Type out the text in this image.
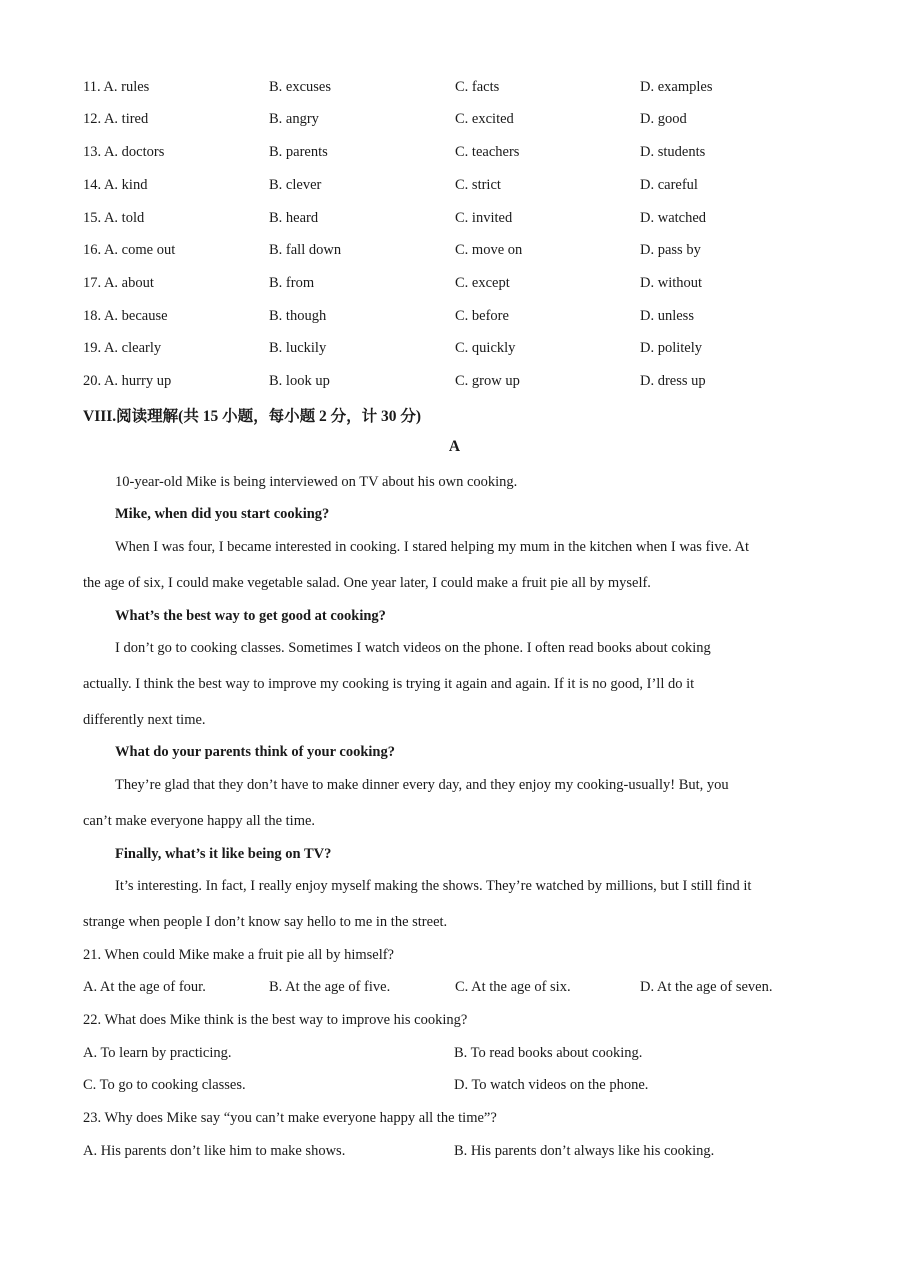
11. A. rules	B. excuses	C. facts	D. examples
12. A. tired	B. angry	C. excited	D. good
13. A. doctors	B. parents	C. teachers	D. students
14. A. kind	B. clever	C. strict	D. careful
15. A. told	B. heard	C. invited	D. watched
16. A. come out	B. fall down	C. move on	D. pass by
17. A. about	B. from	C. except	D. without
18. A. because	B. though	C. before	D. unless
19. A. clearly	B. luckily	C. quickly	D. politely
20. A. hurry up	B. look up	C. grow up	D. dress up
VIII.阅读理解(共 15 小题，每小题 2 分，计 30 分)
A
10-year-old Mike is being interviewed on TV about his own cooking.
Mike, when did you start cooking?
When I was four, I became interested in cooking. I stared helping my mum in the kitchen when I was five. At
the age of six, I could make vegetable salad. One year later, I could make a fruit pie all by myself.
What’s the best way to get good at cooking?
I don’t go to cooking classes. Sometimes I watch videos on the phone. I often read books about coking
actually. I think the best way to improve my cooking is trying it again and again. If it is no good, I’ll do it
differently next time.
What do your parents think of your cooking?
They’re glad that they don’t have to make dinner every day, and they enjoy my cooking-usually! But, you
can’t make everyone happy all the time.
Finally, what’s it like being on TV?
It’s interesting. In fact, I really enjoy myself making the shows. They’re watched by millions, but I still find it
strange when people I don’t know say hello to me in the street.
21. When could Mike make a fruit pie all by himself?
A. At the age of four.	B. At the age of five.	C. At the age of six.	D. At the age of seven.
22. What does Mike think is the best way to improve his cooking?
A. To learn by practicing.	B. To read books about cooking.
C. To go to cooking classes.	D. To watch videos on the phone.
23. Why does Mike say “you can’t make everyone happy all the time”?
A. His parents don’t like him to make shows.	B. His parents don’t always like his cooking.
